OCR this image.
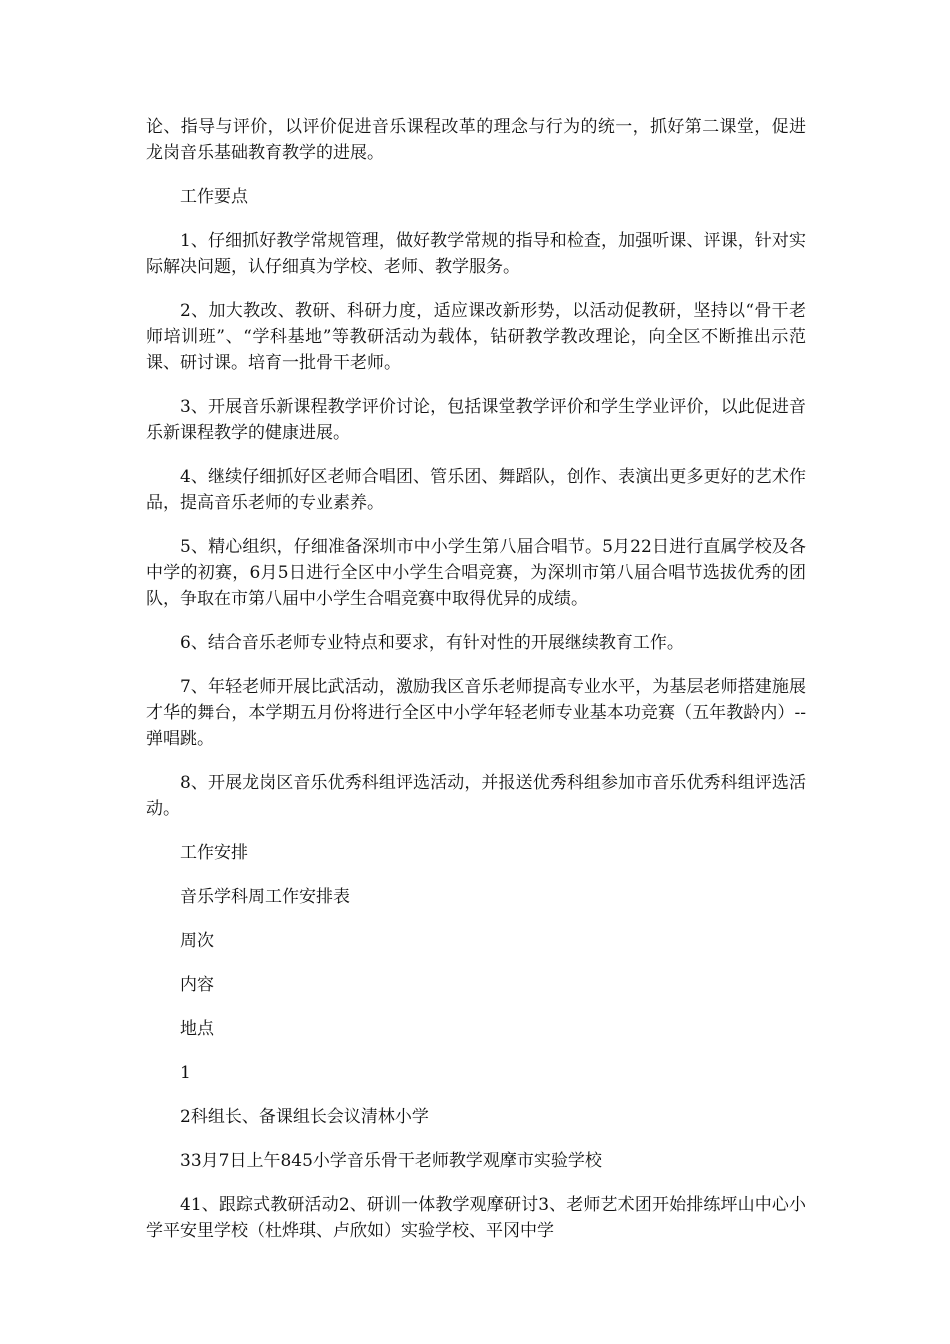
论、指导与评价，以评价促进音乐课程改革的理念与行为的统一，抓好第二课堂，促进龙岗音乐基础教育教学的进展。

工作要点

1、仔细抓好教学常规管理，做好教学常规的指导和检查，加强听课、评课，针对实际解决问题，认仔细真为学校、老师、教学服务。

2、加大教改、教研、科研力度，适应课改新形势，以活动促教研，坚持以“骨干老师培训班”、“学科基地”等教研活动为载体，钻研教学教改理论，向全区不断推出示范课、研讨课。培育一批骨干老师。

3、开展音乐新课程教学评价讨论，包括课堂教学评价和学生学业评价，以此促进音乐新课程教学的健康进展。

4、继续仔细抓好区老师合唱团、管乐团、舞蹈队，创作、表演出更多更好的艺术作品，提高音乐老师的专业素养。

5、精心组织，仔细准备深圳市中小学生第八届合唱节。5月22日进行直属学校及各中学的初赛，6月5日进行全区中小学生合唱竞赛，为深圳市第八届合唱节选拔优秀的团队，争取在市第八届中小学生合唱竞赛中取得优异的成绩。

6、结合音乐老师专业特点和要求，有针对性的开展继续教育工作。

7、年轻老师开展比武活动，激励我区音乐老师提高专业水平，为基层老师搭建施展才华的舞台，本学期五月份将进行全区中小学年轻老师专业基本功竞赛（五年教龄内）--弹唱跳。

8、开展龙岗区音乐优秀科组评选活动，并报送优秀科组参加市音乐优秀科组评选活动。

工作安排

音乐学科周工作安排表

周次

内容

地点

1

2科组长、备课组长会议清林小学

33月7日上午845小学音乐骨干老师教学观摩市实验学校

41、跟踪式教研活动2、研训一体教学观摩研讨3、老师艺术团开始排练坪山中心小学平安里学校（杜烨琪、卢欣如）实验学校、平冈中学
